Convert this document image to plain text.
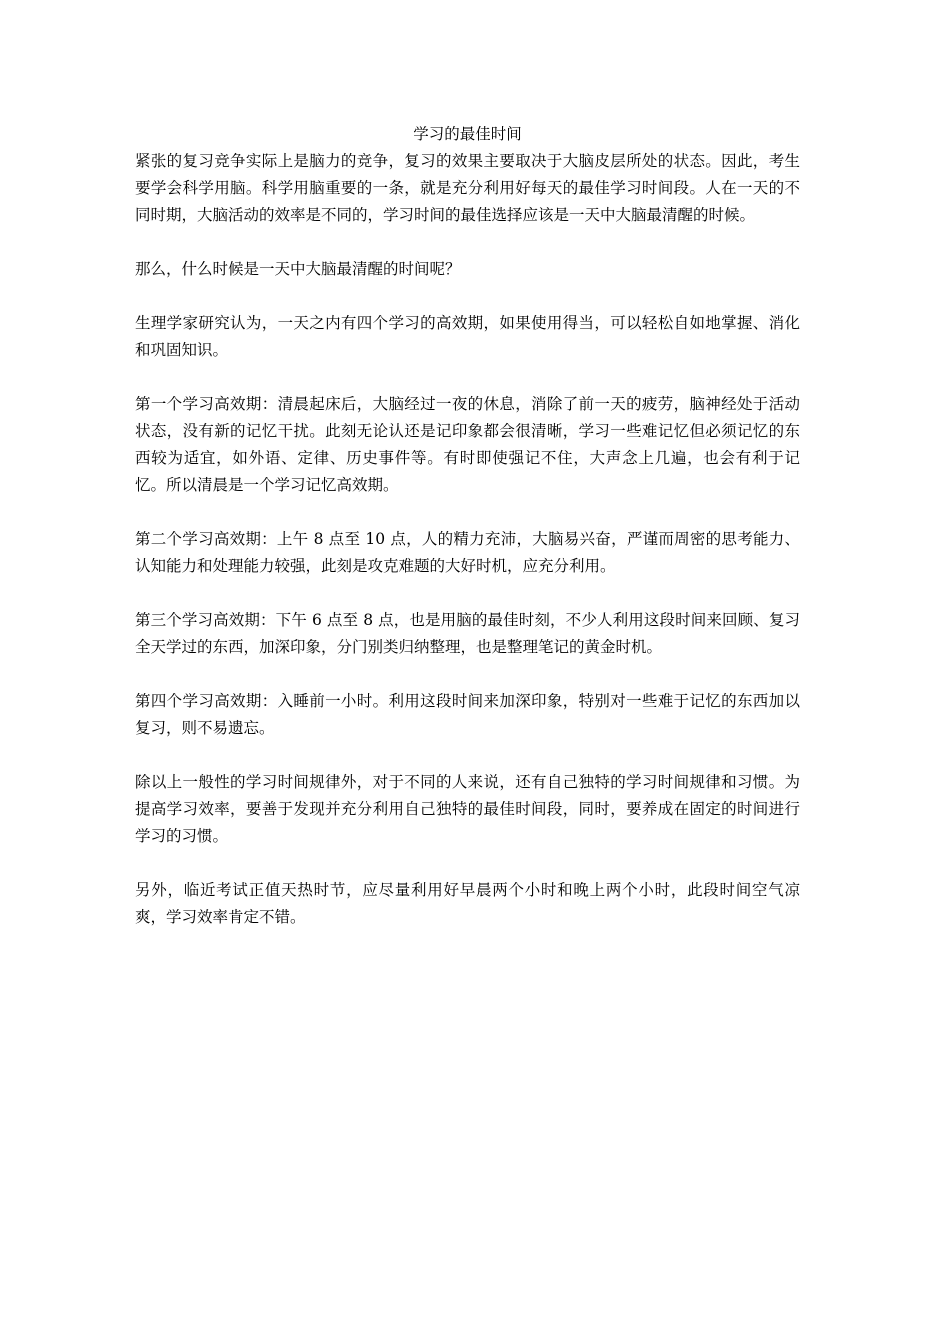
学习的最佳时间

紧张的复习竞争实际上是脑力的竞争，复习的效果主要取决于大脑皮层所处的状态。因此，考生要学会科学用脑。科学用脑重要的一条，就是充分利用好每天的最佳学习时间段。人在一天的不同时期，大脑活动的效率是不同的，学习时间的最佳选择应该是一天中大脑最清醒的时候。

那么，什么时候是一天中大脑最清醒的时间呢？

生理学家研究认为，一天之内有四个学习的高效期，如果使用得当，可以轻松自如地掌握、消化和巩固知识。

第一个学习高效期：清晨起床后，大脑经过一夜的休息，消除了前一天的疲劳，脑神经处于活动状态，没有新的记忆干扰。此刻无论认还是记印象都会很清晰，学习一些难记忆但必须记忆的东西较为适宜，如外语、定律、历史事件等。有时即使强记不住，大声念上几遍，也会有利于记忆。所以清晨是一个学习记忆高效期。

第二个学习高效期：上午 8 点至 10 点，人的精力充沛，大脑易兴奋，严谨而周密的思考能力、认知能力和处理能力较强，此刻是攻克难题的大好时机，应充分利用。

第三个学习高效期：下午 6 点至 8 点，也是用脑的最佳时刻，不少人利用这段时间来回顾、复习全天学过的东西，加深印象，分门别类归纳整理，也是整理笔记的黄金时机。

第四个学习高效期：入睡前一小时。利用这段时间来加深印象，特别对一些难于记忆的东西加以复习，则不易遗忘。

除以上一般性的学习时间规律外，对于不同的人来说，还有自己独特的学习时间规律和习惯。为提高学习效率，要善于发现并充分利用自己独特的最佳时间段，同时，要养成在固定的时间进行学习的习惯。

另外，临近考试正值天热时节，应尽量利用好早晨两个小时和晚上两个小时，此段时间空气凉爽，学习效率肯定不错。
